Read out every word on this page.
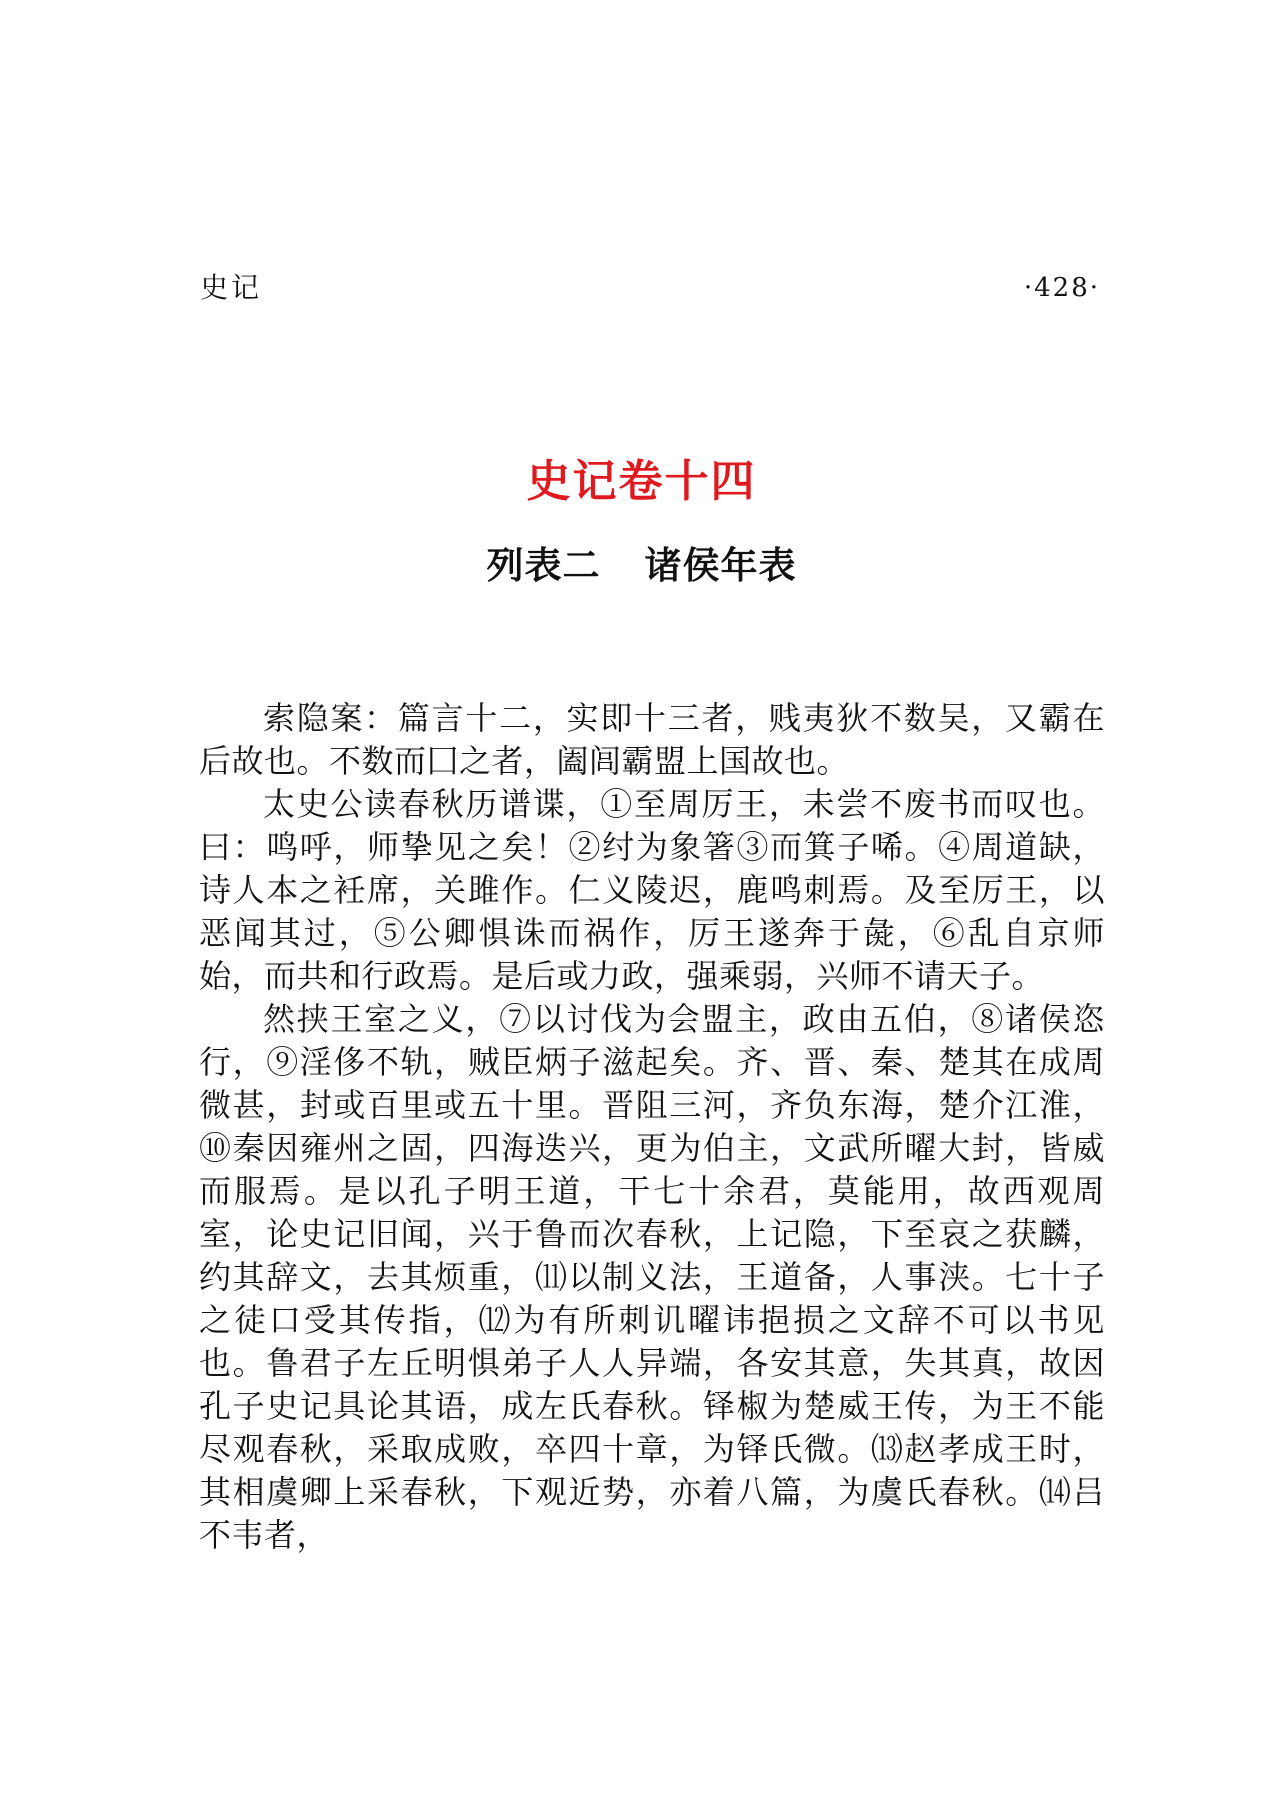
史记	·428·
史记卷十四
列表二 诸侯年表

索隐案：篇言十二，实即十三者，贱夷狄不数吴，又霸在后故也。不数而囗之者，阖闾霸盟上国故也。

太史公读春秋历谱谍，①至周厉王，未尝不废书而叹也。曰：鸣呼，师挚见之矣！②纣为象箸③而箕子唏。④周道缺，诗人本之衽席，关雎作。仁义陵迟，鹿鸣刺焉。及至厉王，以恶闻其过，⑤公卿惧诛而祸作，厉王遂奔于彘，⑥乱自京师始，而共和行政焉。是后或力政，强乘弱，兴师不请天子。

然挟王室之义，⑦以讨伐为会盟主，政由五伯，⑧诸侯恣行，⑨淫侈不轨，贼臣炳子滋起矣。齐、晋、秦、楚其在成周微甚，封或百里或五十里。晋阻三河，齐负东海，楚介江淮，⑩秦因雍州之固，四海迭兴，更为伯主，文武所曜大封，皆威而服焉。是以孔子明王道，干七十余君，莫能用，故西观周室，论史记旧闻，兴于鲁而次春秋，上记隐，下至哀之获麟，约其辞文，去其烦重，⑾以制义法，王道备，人事浃。七十子之徒口受其传指，⑿为有所刺讥曜讳挹损之文辞不可以书见也。鲁君子左丘明惧弟子人人异端，各安其意，失其真，故因孔子史记具论其语，成左氏春秋。铎椒为楚威王传，为王不能尽观春秋，采取成败，卒四十章，为铎氏微。⒀赵孝成王时，其相虞卿上采春秋，下观近势，亦着八篇，为虞氏春秋。⒁吕不韦者，
